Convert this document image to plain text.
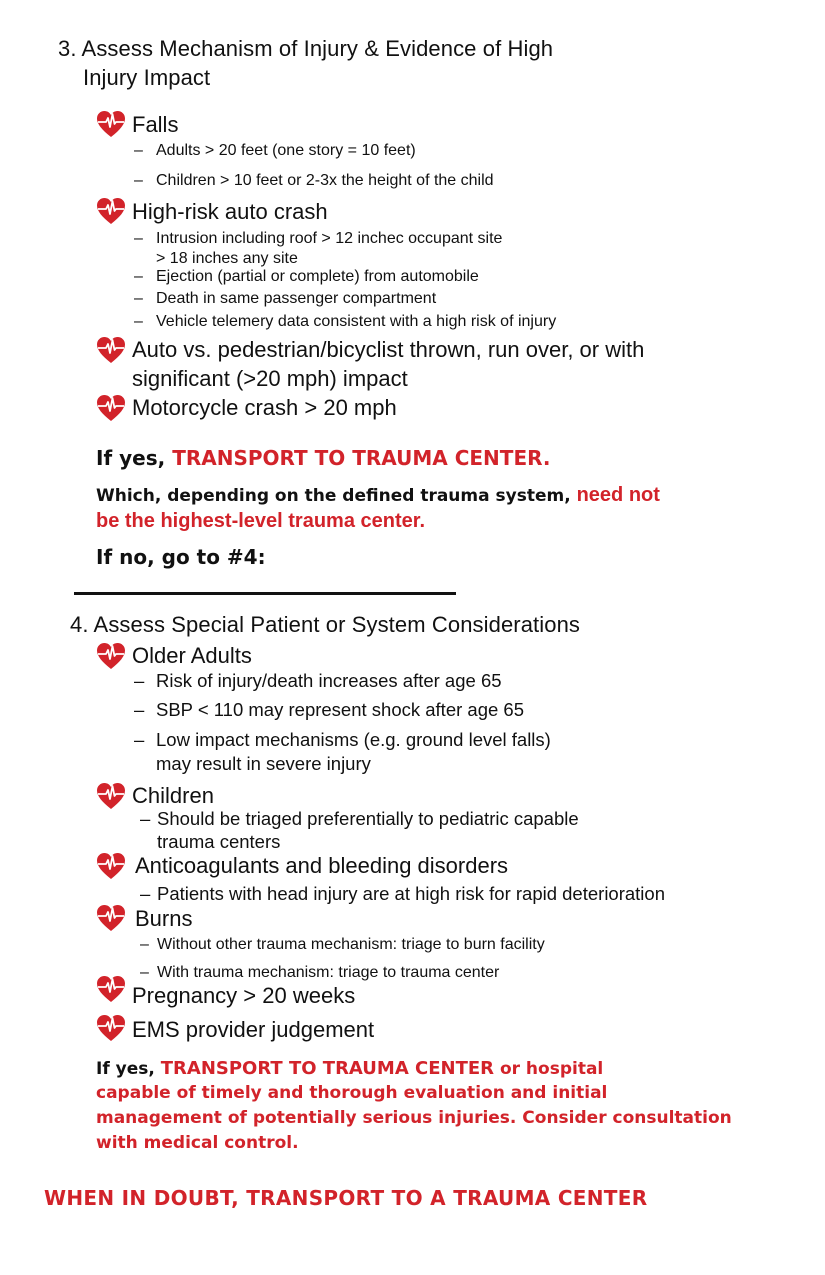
3. Assess Mechanism of Injury & Evidence of High
Injury Impact
Falls
– Adults > 20 feet (one story = 10 feet)
– Children > 10 feet or 2-3x the height of the child
High-risk auto crash
– Intrusion including roof > 12 inchec occupant site
> 18 inches any site
– Ejection (partial or complete) from automobile
– Death in same passenger compartment
– Vehicle telemery data consistent with a high risk of injury
Auto vs. pedestrian/bicyclist thrown, run over, or with
significant (>20 mph) impact
Motorcycle crash > 20 mph
If yes, TRANSPORT TO TRAUMA CENTER.
Which, depending on the defined trauma system, need not
be the highest-level trauma center.
If no, go to #4:
4. Assess Special Patient or System Considerations
Older Adults
– Risk of injury/death increases after age 65
– SBP < 110 may represent shock after age 65
– Low impact mechanisms (e.g. ground level falls)
may result in severe injury
Children
– Should be triaged preferentially to pediatric capable
trauma centers
Anticoagulants and bleeding disorders
– Patients with head injury are at high risk for rapid deterioration
Burns
– Without other trauma mechanism: triage to burn facility
– With trauma mechanism: triage to trauma center
Pregnancy > 20 weeks
EMS provider judgement
If yes, TRANSPORT TO TRAUMA CENTER or hospital
capable of timely and thorough evaluation and initial
management of potentially serious injuries. Consider consultation
with medical control.
WHEN IN DOUBT, TRANSPORT TO A TRAUMA CENTER
